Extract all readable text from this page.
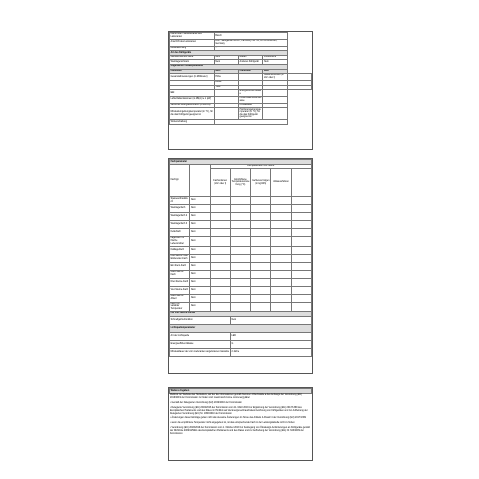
Name oder Handelsmarke des Lieferanten	Bosch			
Anschrift des Lieferanten	BSH Hausgeräte GmbH, Carl-Wery-Str. 34, 81739 München, Germany			
Modellkennung	...			
Art des Kühlgeräts				
Geräuscharmes Gerät	Nein	Bauart	Freistehend	
Weinlagerschrank	Nein	Anderes Kühlgerät	Nein	
Allgemeine Produktparameter				
Parameter	Wert	Parameter	Wert	
Gesamtabmessungen (in Millimeter)	Höhe		Gesamtvolumen (in dm³ oder l)	
	Breite			
	Tiefe			
EEI		Energieeffizienzklasse		
Luftschallemissionen (in dB(A) re 1 pW)		Luftschallemissionsklasse		
Jährlicher Energieverbrauch (in kWh/a)		Klimaklasse		
Mindestumgebungstemperatur (in °C), für die das Kühlgerät geeignet ist		Höchstumgebungstemperatur (in °C), für die das Kühlgerät geeignet ist		
Winterschaltung				
Fachparameter						
Fachtyp		Fachparameter und -werte				
		Fachvolumen (dm³ oder l)	Empfohlene Temperatureinstellung (°C)	Gefriervermögen (in kg/24h)	Abtauverfahren	
Speiseschrankfach	Nein					
Weinlagerfach	Nein					
Weinlagerfach 2	Nein					
Weinlagerfach 3	Nein					
Kellerfach	Nein					
Lagerfach für frische Lebensmittel	Nein					
Kaltlagerfach	Nein					
Null-Sterne- oder Eisbereiter-Fach	Nein					
Ein-Stern-Fach	Nein					
Zwei-Sterne-Fach	Nein					
Drei-Sterne-Fach	Nein					
Vier-Sterne-Fach	Nein					
Zwei-Sterne-Abteil	Nein					
Fach mit variabler Temperatur	Nein					
Für Vier-Sterne-Fächer						
Schnellgefrierfunktion			Nein			
Lichtquellenparameter						
Art der Lichtquelle			LED			
Energieeffizienzklasse			G			
Mindestdauer der vom Lieferanten angebotenen Garantie			2 Jahre			
Weitere Angaben

Weblink zur Website des Herstellers, auf der die Informationen gemäß Nummer 4 Buchstabe a des Anhangs der Verordnung (EU) 2019/2019 der Kommission zu finden sind: www.bosch-home.com/energylabel

• Gemäß der Delegierten Verordnung (EU) 2019/2016 der Kommission

• Delegierte Verordnung (EU) 2019/2016 der Kommission vom 11. März 2019 zur Ergänzung der Verordnung (EU) 2017/1369 des Europäischen Parlaments und des Rates im Hinblick auf die Energieverbrauchskennzeichnung von Kühlgeräten und zur Aufhebung der Delegierten Verordnung (EU) Nr. 1060/2010 der Kommission

• Änderungen dieser Einträge gelten nicht als relevante Änderungen im Sinne des Artikels 4 Absatz 4 der Verordnung (EU) 2017/1369

• wenn die empfohlene Temperatur nicht angegeben ist, ist das entsprechende Fach in der Leistungstabelle nicht zu finden

• Verordnung (EU) 2019/2019 der Kommission vom 1. Oktober 2019 zur Festlegung von Ökodesign-Anforderungen an Kühlgeräte gemäß der Richtlinie 2009/125/EG des Europäischen Parlaments und des Rates und zur Aufhebung der Verordnung (EG) Nr. 643/2009 der Kommission
